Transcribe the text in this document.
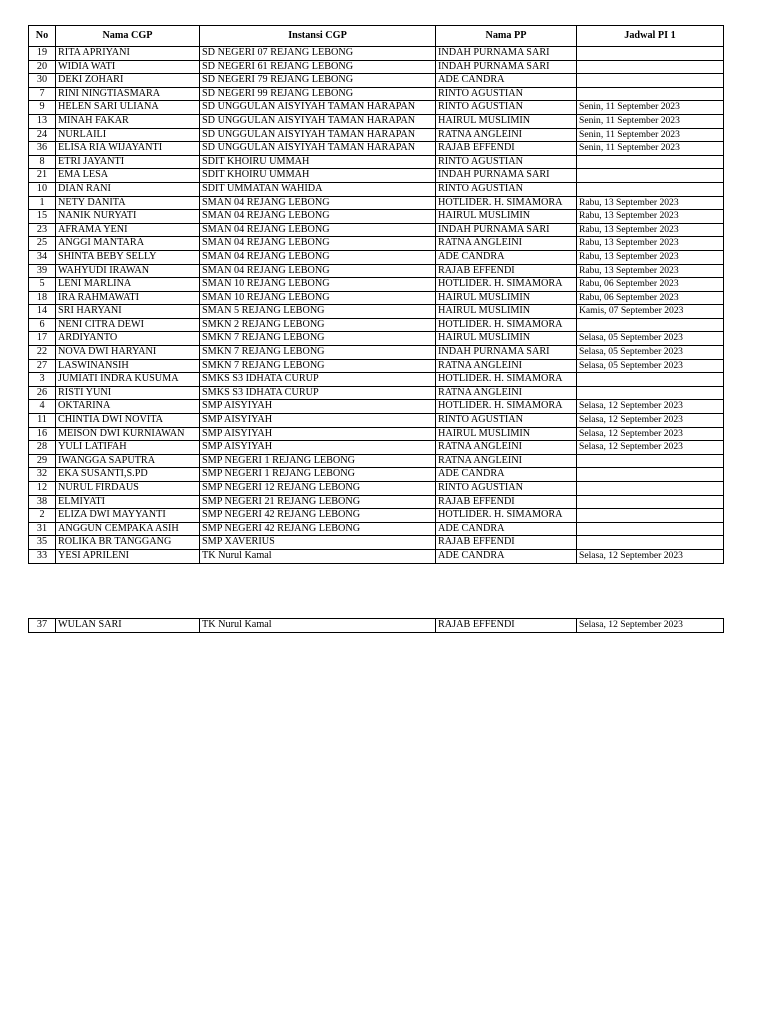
No	Nama CGP	Instansi CGP	Nama PP	Jadwal PI 1
19	RITA APRIYANI	SD NEGERI 07 REJANG LEBONG	INDAH PURNAMA SARI	
20	WIDIA WATI	SD NEGERI 61 REJANG LEBONG	INDAH PURNAMA SARI	
30	DEKI ZOHARI	SD NEGERI 79 REJANG LEBONG	ADE CANDRA	
7	RINI NINGTIASMARA	SD NEGERI 99 REJANG LEBONG	RINTO AGUSTIAN	
9	HELEN SARI ULIANA	SD UNGGULAN AISYIYAH TAMAN HARAPAN	RINTO AGUSTIAN	Senin, 11 September 2023
13	MINAH FAKAR	SD UNGGULAN AISYIYAH TAMAN HARAPAN	HAIRUL MUSLIMIN	Senin, 11 September 2023
24	NURLAILI	SD UNGGULAN AISYIYAH TAMAN HARAPAN	RATNA ANGLEINI	Senin, 11 September 2023
36	ELISA RIA WIJAYANTI	SD UNGGULAN AISYIYAH TAMAN HARAPAN	RAJAB EFFENDI	Senin, 11 September 2023
8	ETRI JAYANTI	SDIT KHOIRU UMMAH	RINTO AGUSTIAN	
21	EMA LESA	SDIT KHOIRU UMMAH	INDAH PURNAMA SARI	
10	DIAN RANI	SDIT UMMATAN WAHIDA	RINTO AGUSTIAN	
1	NETY DANITA	SMAN 04 REJANG LEBONG	HOTLIDER. H. SIMAMORA	Rabu, 13 September 2023
15	NANIK NURYATI	SMAN 04 REJANG LEBONG	HAIRUL MUSLIMIN	Rabu, 13 September 2023
23	AFRAMA YENI	SMAN 04 REJANG LEBONG	INDAH PURNAMA SARI	Rabu, 13 September 2023
25	ANGGI MANTARA	SMAN 04 REJANG LEBONG	RATNA ANGLEINI	Rabu, 13 September 2023
34	SHINTA BEBY SELLY	SMAN 04 REJANG LEBONG	ADE CANDRA	Rabu, 13 September 2023
39	WAHYUDI IRAWAN	SMAN 04 REJANG LEBONG	RAJAB EFFENDI	Rabu, 13 September 2023
5	LENI MARLINA	SMAN 10 REJANG LEBONG	HOTLIDER. H. SIMAMORA	Rabu, 06 September 2023
18	IRA RAHMAWATI	SMAN 10 REJANG LEBONG	HAIRUL MUSLIMIN	Rabu, 06 September 2023
14	SRI HARYANI	SMAN 5 REJANG LEBONG	HAIRUL MUSLIMIN	Kamis, 07 September 2023
6	NENI CITRA DEWI	SMKN 2 REJANG LEBONG	HOTLIDER. H. SIMAMORA	
17	ARDIYANTO	SMKN 7 REJANG LEBONG	HAIRUL MUSLIMIN	Selasa, 05 September 2023
22	NOVA DWI HARYANI	SMKN 7 REJANG LEBONG	INDAH PURNAMA SARI	Selasa, 05 September 2023
27	LASWINANSIH	SMKN 7 REJANG LEBONG	RATNA ANGLEINI	Selasa, 05 September 2023
3	JUMIATI INDRA KUSUMA	SMKS S3 IDHATA CURUP	HOTLIDER. H. SIMAMORA	
26	RISTI YUNI	SMKS S3 IDHATA CURUP	RATNA ANGLEINI	
4	OKTARINA	SMP AISYIYAH	HOTLIDER. H. SIMAMORA	Selasa, 12 September 2023
11	CHINTIA DWI NOVITA	SMP AISYIYAH	RINTO AGUSTIAN	Selasa, 12 September 2023
16	MEISON DWI KURNIAWAN	SMP AISYIYAH	HAIRUL MUSLIMIN	Selasa, 12 September 2023
28	YULI LATIFAH	SMP AISYIYAH	RATNA ANGLEINI	Selasa, 12 September 2023
29	IWANGGA SAPUTRA	SMP NEGERI 1 REJANG LEBONG	RATNA ANGLEINI	
32	EKA SUSANTI,S.PD	SMP NEGERI 1 REJANG LEBONG	ADE CANDRA	
12	NURUL FIRDAUS	SMP NEGERI 12 REJANG LEBONG	RINTO AGUSTIAN	
38	ELMIYATI	SMP NEGERI 21 REJANG LEBONG	RAJAB EFFENDI	
2	ELIZA DWI MAYYANTI	SMP NEGERI 42 REJANG LEBONG	HOTLIDER. H. SIMAMORA	
31	ANGGUN CEMPAKA ASIH	SMP NEGERI 42 REJANG LEBONG	ADE CANDRA	
35	ROLIKA BR TANGGANG	SMP XAVERIUS	RAJAB EFFENDI	
33	YESI APRILENI	TK Nurul Kamal	ADE CANDRA	Selasa, 12 September 2023
37	WULAN SARI	TK Nurul Kamal	RAJAB EFFENDI	Selasa, 12 September 2023
